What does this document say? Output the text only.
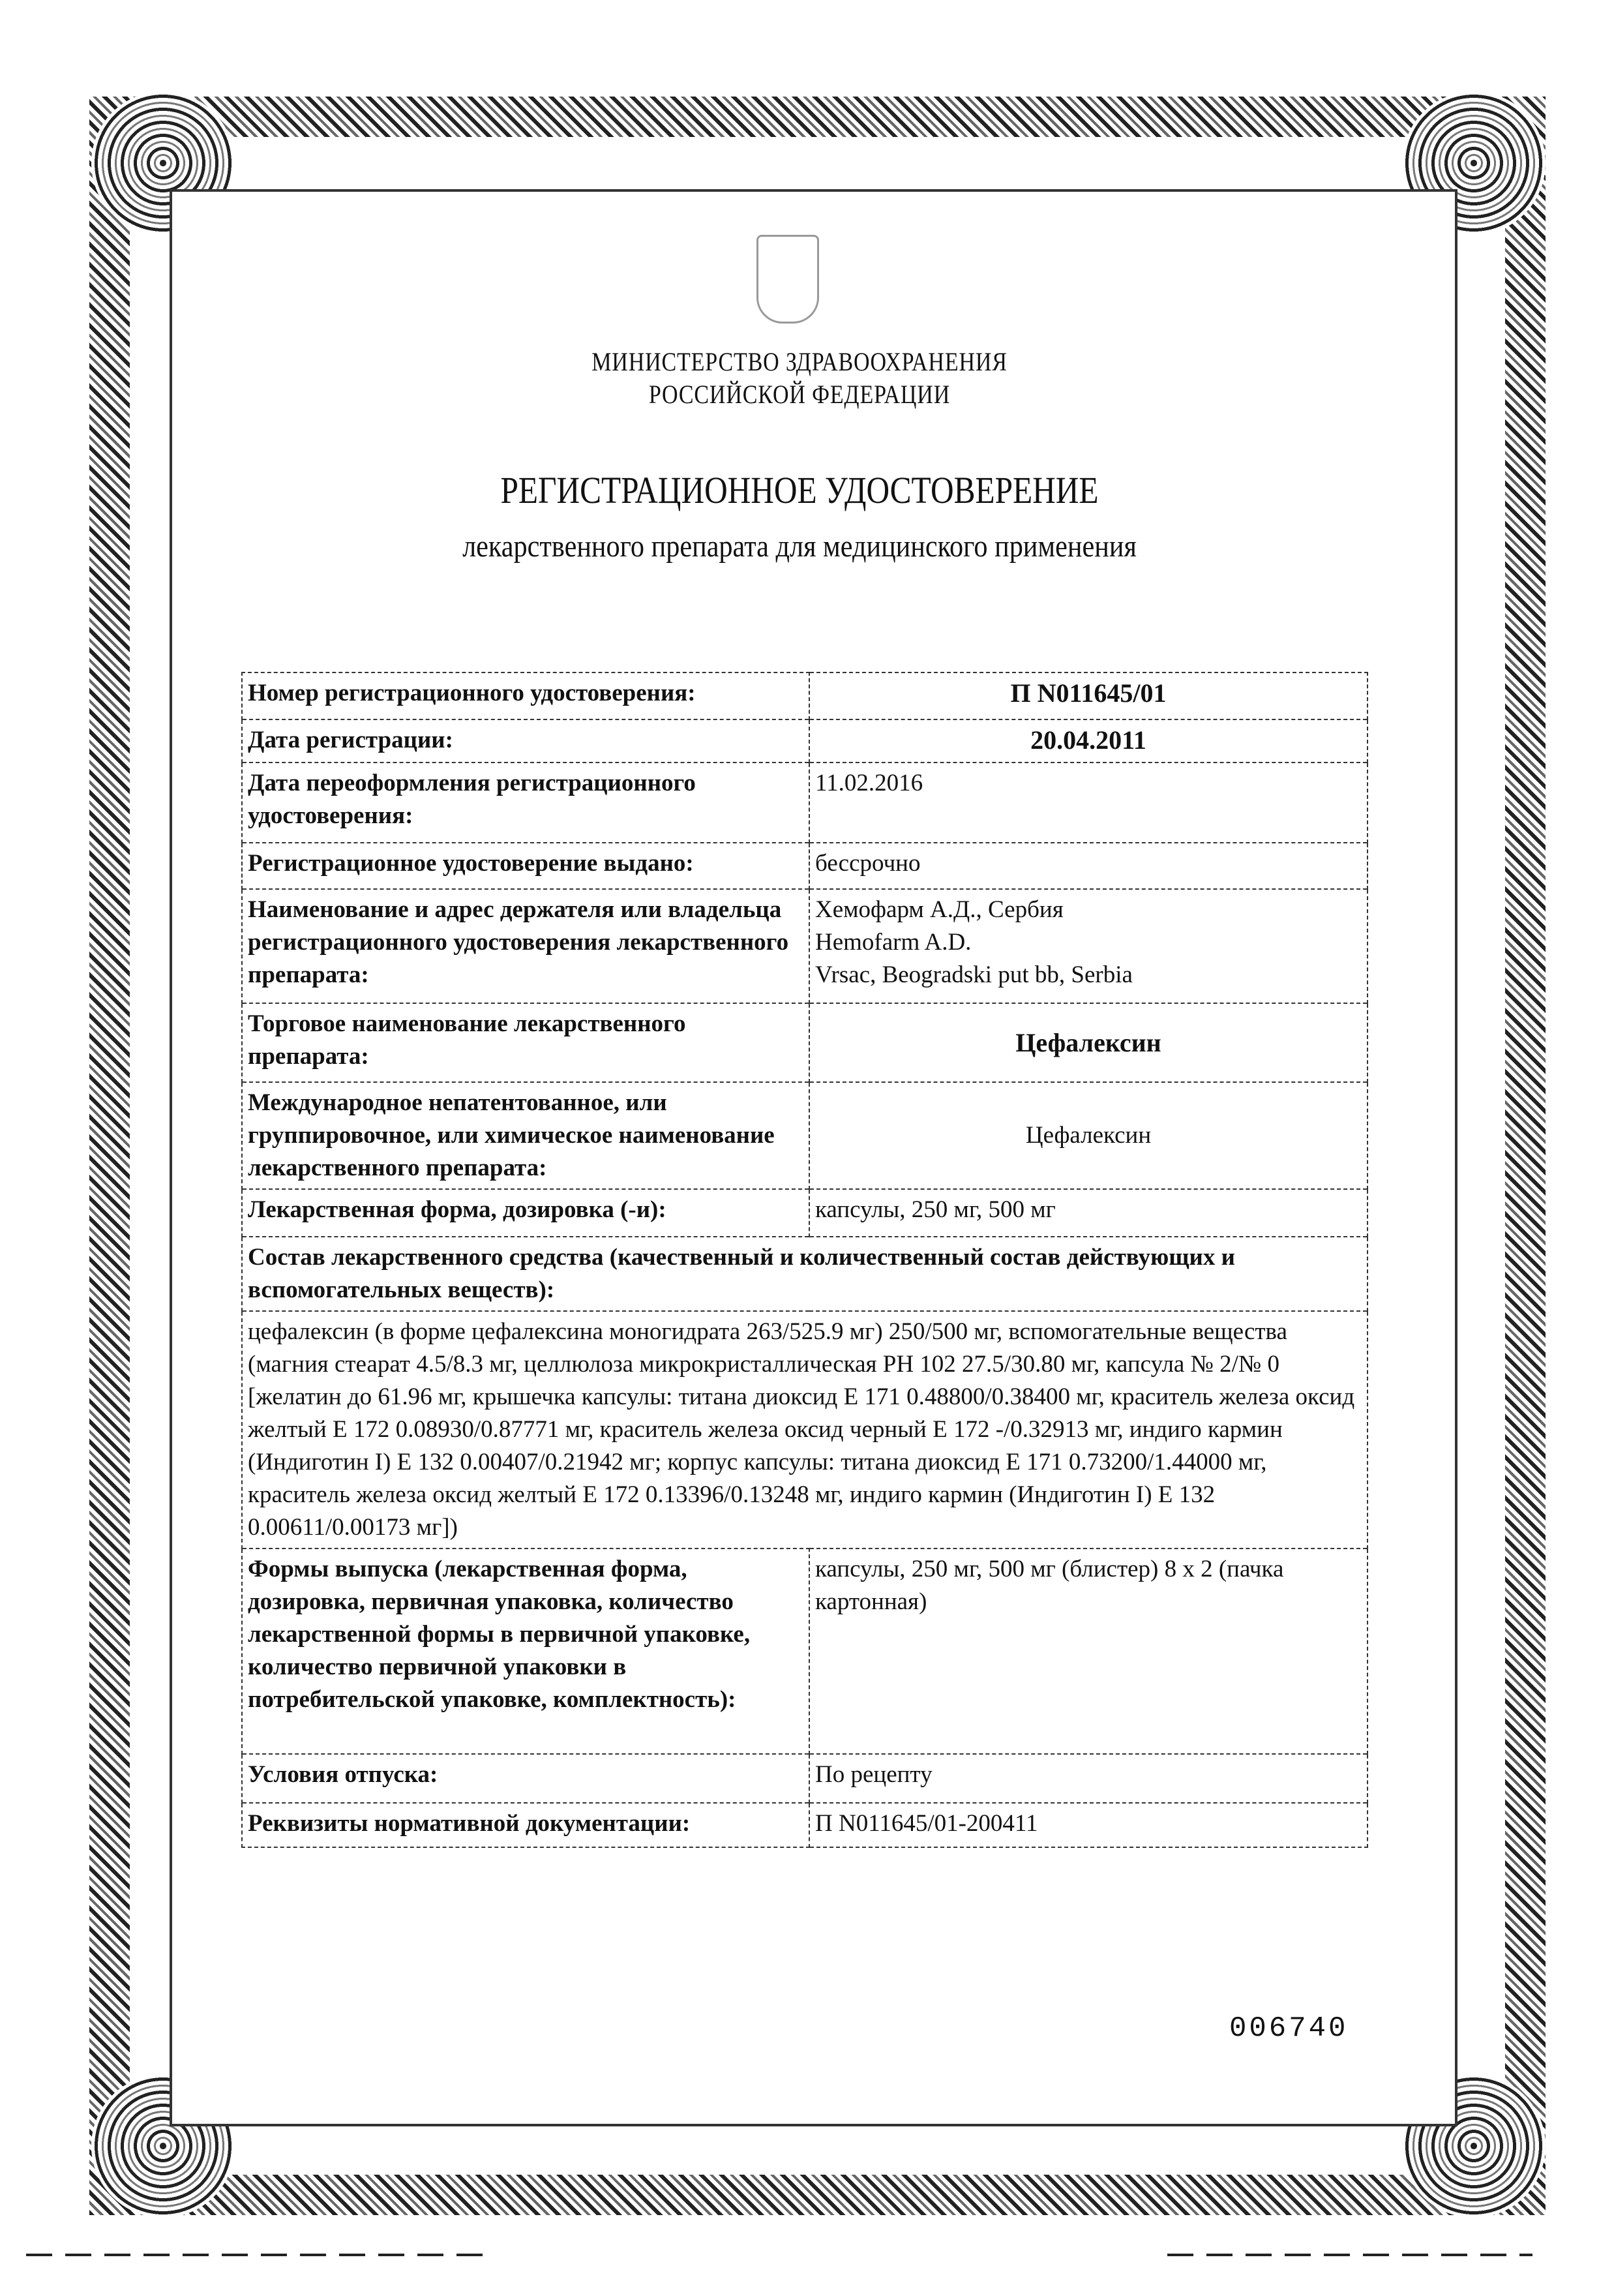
МИНИСТЕРСТВО ЗДРАВООХРАНЕНИЯ
РОССИЙСКОЙ ФЕДЕРАЦИИ
РЕГИСТРАЦИОННОЕ УДОСТОВЕРЕНИЕ
лекарственного препарата для медицинского применения
Номер регистрационного удостоверения:	П N011645/01
Дата регистрации:	20.04.2011
Дата переоформления регистрационного удостоверения:	11.02.2016
Регистрационное удостоверение выдано:	бессрочно
Наименование и адрес держателя или владельца регистрационного удостоверения лекарственного препарата:	Хемофарм А.Д., Сербия
Hemofarm A.D.
Vrsac, Beogradski put bb, Serbia
Торговое наименование лекарственного препарата:	Цефалексин
Международное непатентованное, или группировочное, или химическое наименование лекарственного препарата:	Цефалексин
Лекарственная форма, дозировка (-и):	капсулы, 250 мг, 500 мг
Состав лекарственного средства (качественный и количественный состав действующих и вспомогательных веществ):	
цефалексин (в форме цефалексина моногидрата 263/525.9 мг) 250/500 мг, вспомогательные вещества (магния стеарат 4.5/8.3 мг, целлюлоза микрокристаллическая PH 102 27.5/30.80 мг, капсула № 2/№ 0 [желатин до 61.96 мг, крышечка капсулы: титана диоксид E 171 0.48800/0.38400 мг, краситель железа оксид желтый E 172 0.08930/0.87771 мг, краситель железа оксид черный E 172 -/0.32913 мг, индиго кармин (Индиготин I) E 132 0.00407/0.21942 мг; корпус капсулы: титана диоксид E 171 0.73200/1.44000 мг, краситель железа оксид желтый E 172 0.13396/0.13248 мг, индиго кармин (Индиготин I) E 132 0.00611/0.00173 мг])	
Формы выпуска (лекарственная форма, дозировка, первичная упаковка, количество лекарственной формы в первичной упаковке, количество первичной упаковки в потребительской упаковке, комплектность):	капсулы, 250 мг, 500 мг (блистер) 8 х 2 (пачка картонная)
Условия отпуска:	По рецепту
Реквизиты нормативной документации:	П N011645/01-200411
006740
